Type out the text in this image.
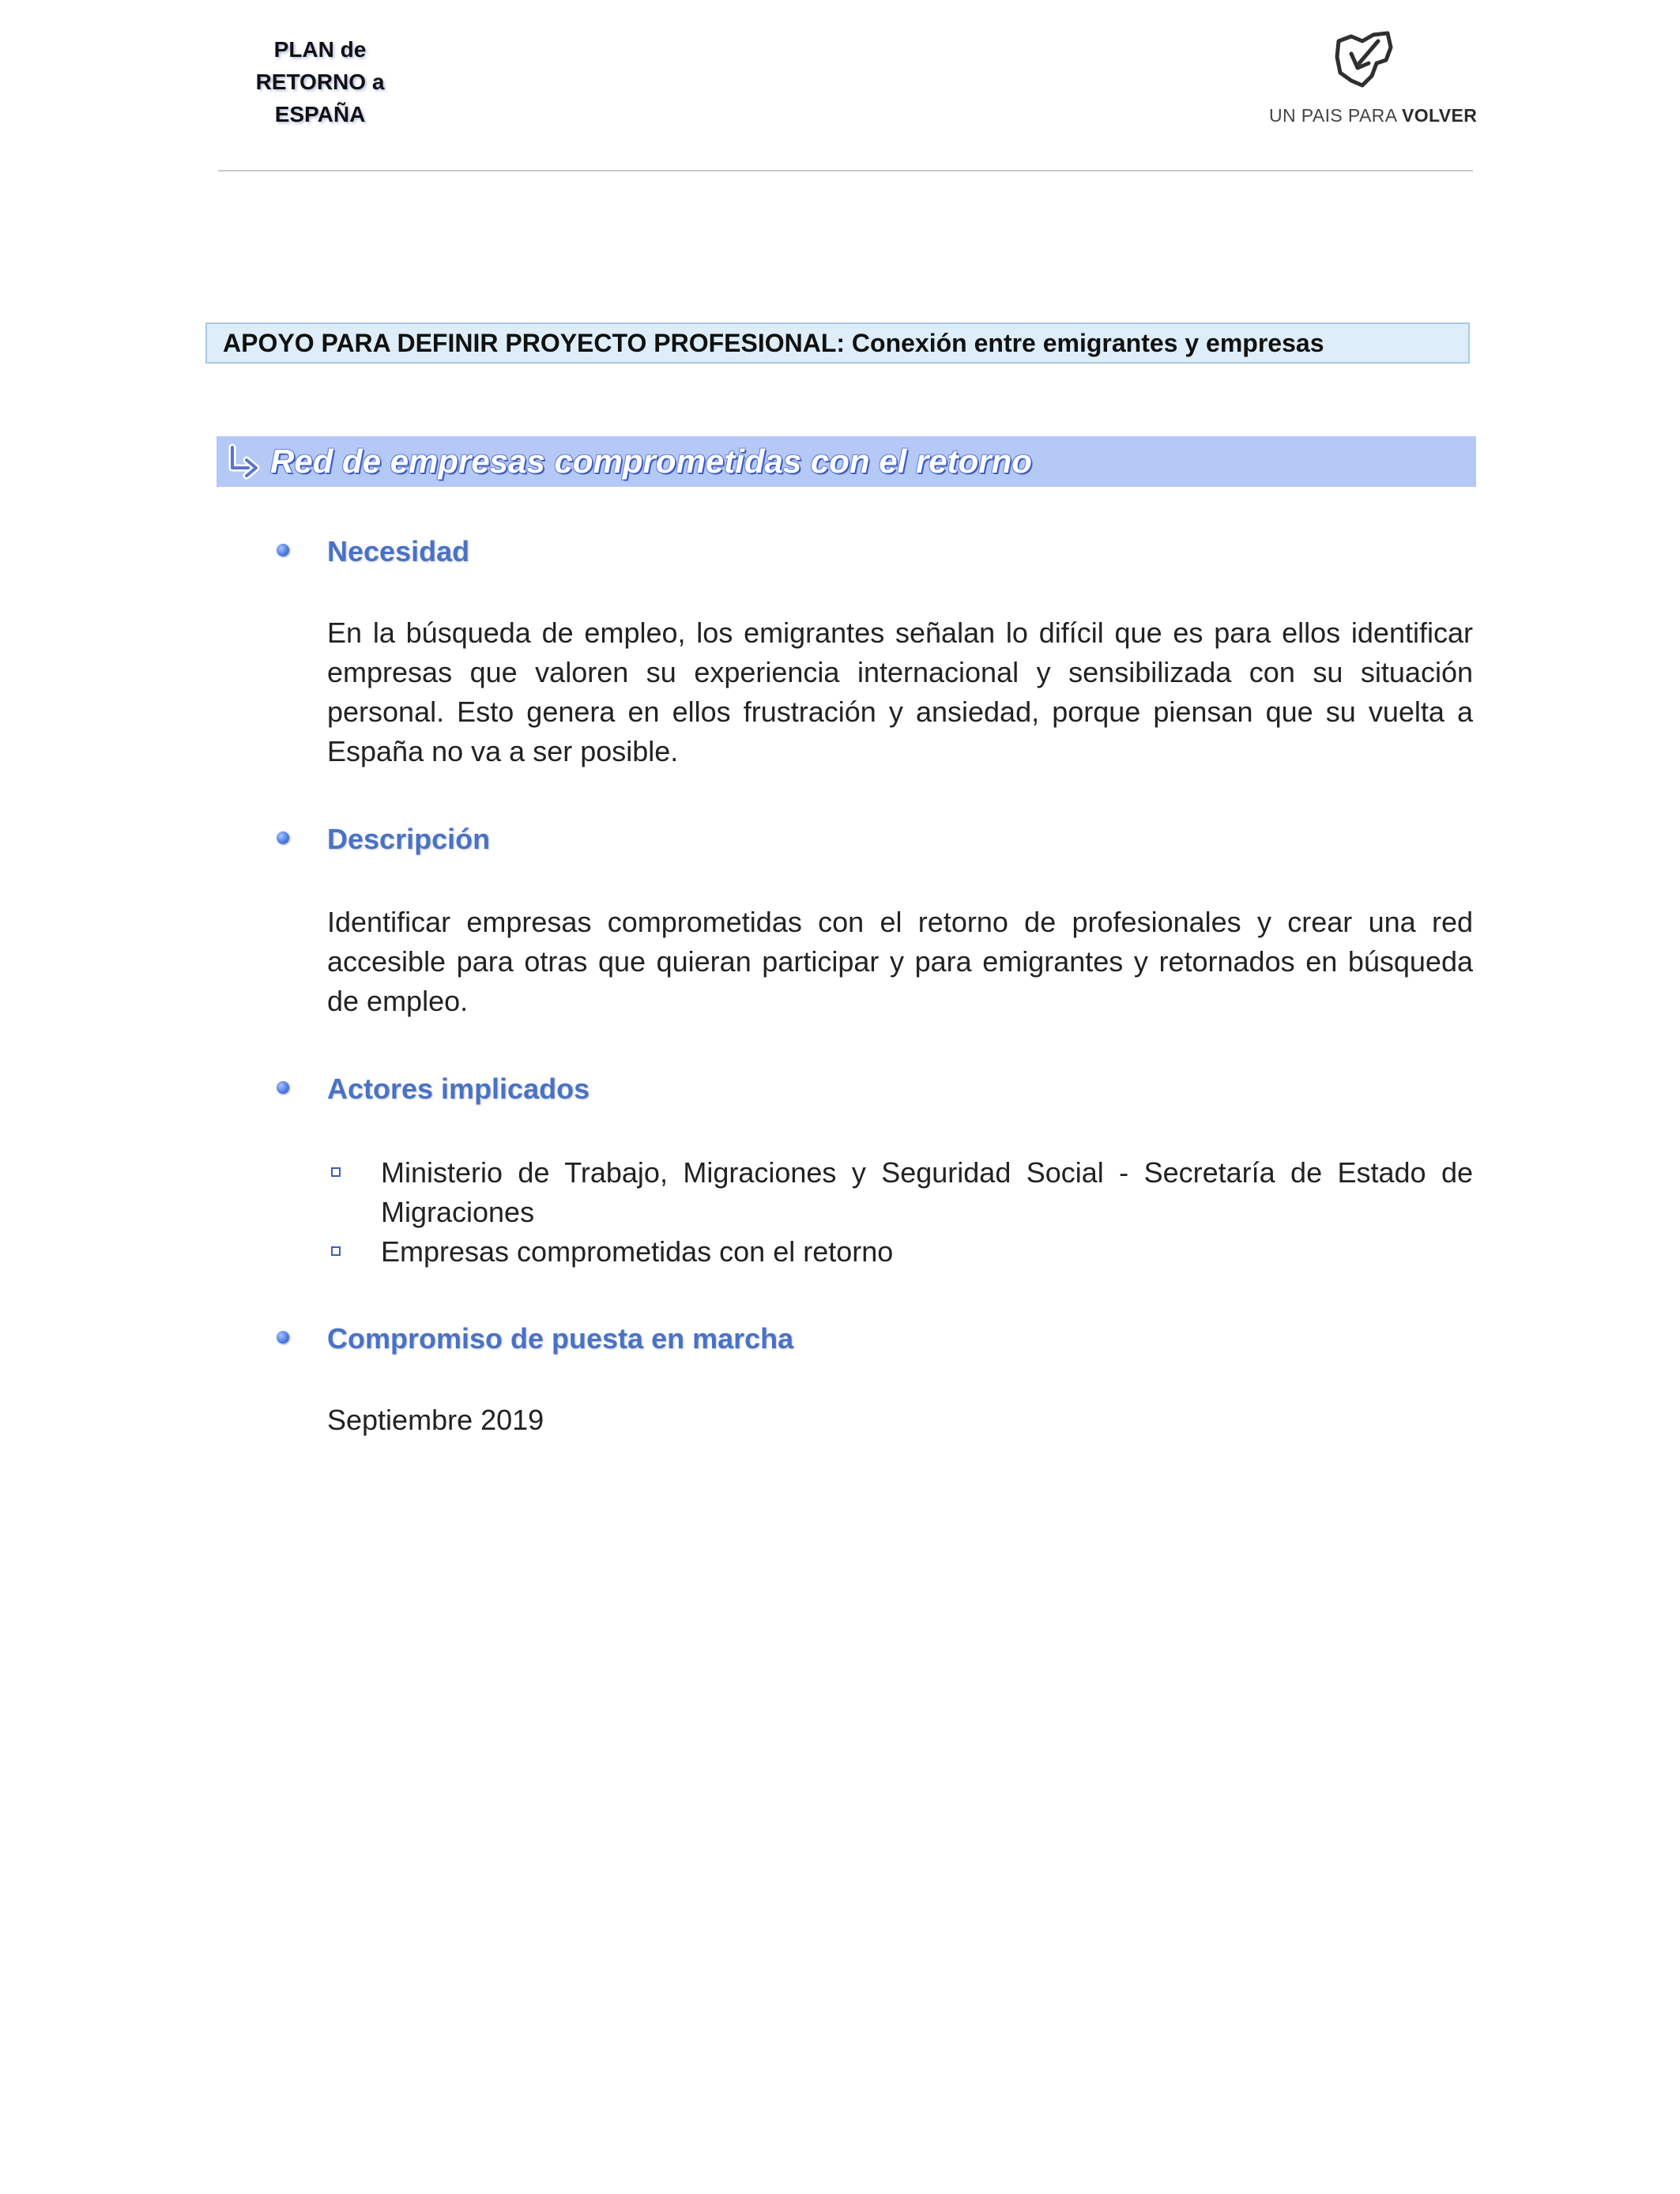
PLAN de
RETORNO a
ESPAÑA	UN PAIS PARA VOLVER
APOYO PARA DEFINIR PROYECTO PROFESIONAL: Conexión entre emigrantes y empresas
Red de empresas comprometidas con el retorno
Necesidad

En la búsqueda de empleo, los emigrantes señalan lo difícil que es para ellos identificar empresas que valoren su experiencia internacional y sensibilizada con su situación personal. Esto genera en ellos frustración y ansiedad, porque piensan que su vuelta a España no va a ser posible.

Descripción

Identificar empresas comprometidas con el retorno de profesionales y crear una red accesible para otras que quieran participar y para emigrantes y retornados en búsqueda de empleo.

Actores implicados
Ministerio de Trabajo, Migraciones y Seguridad Social - Secretaría de Estado de Migraciones
Empresas comprometidas con el retorno
Compromiso de puesta en marcha

Septiembre 2019
